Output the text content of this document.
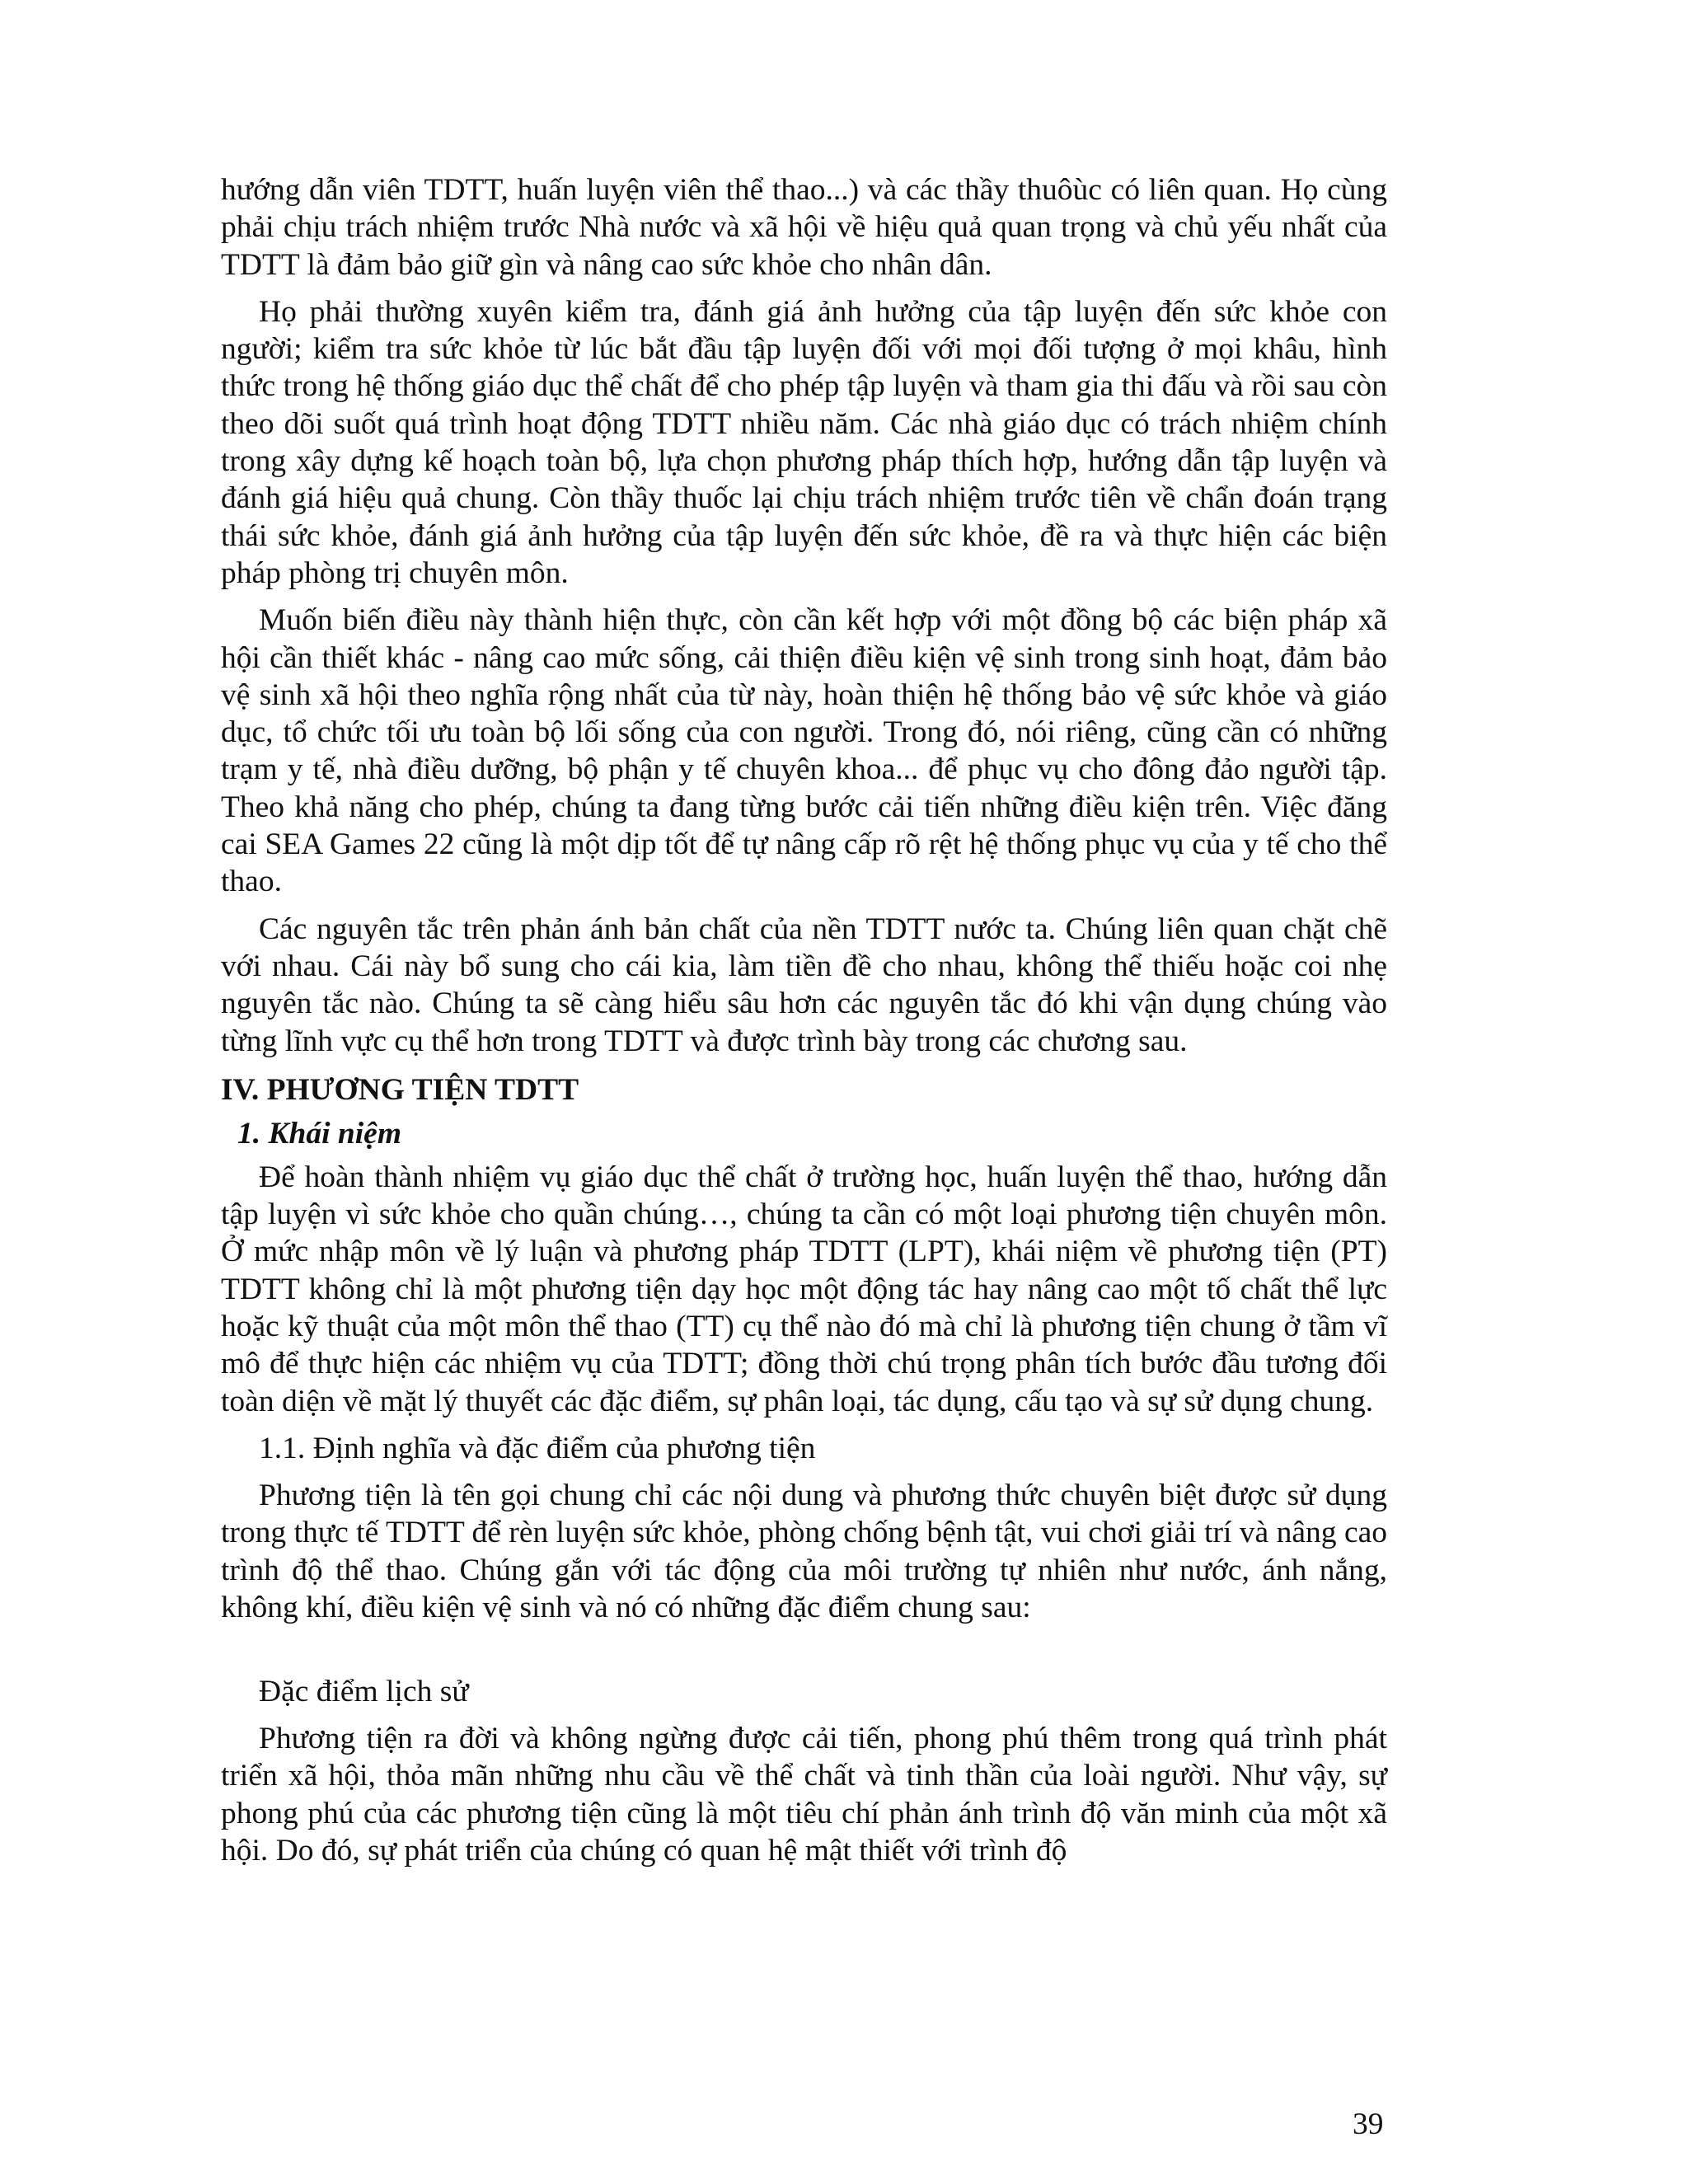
hướng dẫn viên TDTT, huấn luyện viên thể thao...) và các thầy thuôùc có liên quan. Họ cùng phải chịu trách nhiệm trước Nhà nước và xã hội về hiệu quả quan trọng và chủ yếu nhất của TDTT là đảm bảo giữ gìn và nâng cao sức khỏe cho nhân dân.

Họ phải thường xuyên kiểm tra, đánh giá ảnh hưởng của tập luyện đến sức khỏe con người; kiểm tra sức khỏe từ lúc bắt đầu tập luyện đối với mọi đối tượng ở mọi khâu, hình thức trong hệ thống giáo dục thể chất để cho phép tập luyện và tham gia thi đấu và rồi sau còn theo dõi suốt quá trình hoạt động TDTT nhiều năm. Các nhà giáo dục có trách nhiệm chính trong xây dựng kế hoạch toàn bộ, lựa chọn phương pháp thích hợp, hướng dẫn tập luyện và đánh giá hiệu quả chung. Còn thầy thuốc lại chịu trách nhiệm trước tiên về chẩn đoán trạng thái sức khỏe, đánh giá ảnh hưởng của tập luyện đến sức khỏe, đề ra và thực hiện các biện pháp phòng trị chuyên môn.

Muốn biến điều này thành hiện thực, còn cần kết hợp với một đồng bộ các biện pháp xã hội cần thiết khác - nâng cao mức sống, cải thiện điều kiện vệ sinh trong sinh hoạt, đảm bảo vệ sinh xã hội theo nghĩa rộng nhất của từ này, hoàn thiện hệ thống bảo vệ sức khỏe và giáo dục, tổ chức tối ưu toàn bộ lối sống của con người. Trong đó, nói riêng, cũng cần có những trạm y tế, nhà điều dưỡng, bộ phận y tế chuyên khoa... để phục vụ cho đông đảo người tập. Theo khả năng cho phép, chúng ta đang từng bước cải tiến những điều kiện trên. Việc đăng cai SEA Games 22 cũng là một dịp tốt để tự nâng cấp rõ rệt hệ thống phục vụ của y tế cho thể thao.

Các nguyên tắc trên phản ánh bản chất của nền TDTT nước ta. Chúng liên quan chặt chẽ với nhau. Cái này bổ sung cho cái kia, làm tiền đề cho nhau, không thể thiếu hoặc coi nhẹ nguyên tắc nào. Chúng ta sẽ càng hiểu sâu hơn các nguyên tắc đó khi vận dụng chúng vào từng lĩnh vực cụ thể hơn trong TDTT và được trình bày trong các chương sau.

IV. PHƯƠNG TIỆN TDTT
1. Khái niệm

Để hoàn thành nhiệm vụ giáo dục thể chất ở trường học, huấn luyện thể thao, hướng dẫn tập luyện vì sức khỏe cho quần chúng…, chúng ta cần có một loại phương tiện chuyên môn. Ở mức nhập môn về lý luận và phương pháp TDTT (LPT), khái niệm về phương tiện (PT) TDTT không chỉ là một phương tiện dạy học một động tác hay nâng cao một tố chất thể lực hoặc kỹ thuật của một môn thể thao (TT) cụ thể nào đó mà chỉ là phương tiện chung ở tầm vĩ mô để thực hiện các nhiệm vụ của TDTT; đồng thời chú trọng phân tích bước đầu tương đối toàn diện về mặt lý thuyết các đặc điểm, sự phân loại, tác dụng, cấu tạo và sự sử dụng chung.

1.1. Định nghĩa và đặc điểm của phương tiện

Phương tiện là tên gọi chung chỉ các nội dung và phương thức chuyên biệt được sử dụng trong thực tế TDTT để rèn luyện sức khỏe, phòng chống bệnh tật, vui chơi giải trí và nâng cao trình độ thể thao. Chúng gắn với tác động của môi trường tự nhiên như nước, ánh nắng, không khí, điều kiện vệ sinh và nó có những đặc điểm chung sau:

Đặc điểm lịch sử

Phương tiện ra đời và không ngừng được cải tiến, phong phú thêm trong quá trình phát triển xã hội, thỏa mãn những nhu cầu về thể chất và tinh thần của loài người. Như vậy, sự phong phú của các phương tiện cũng là một tiêu chí phản ánh trình độ văn minh của một xã hội. Do đó, sự phát triển của chúng có quan hệ mật thiết với trình độ

39
